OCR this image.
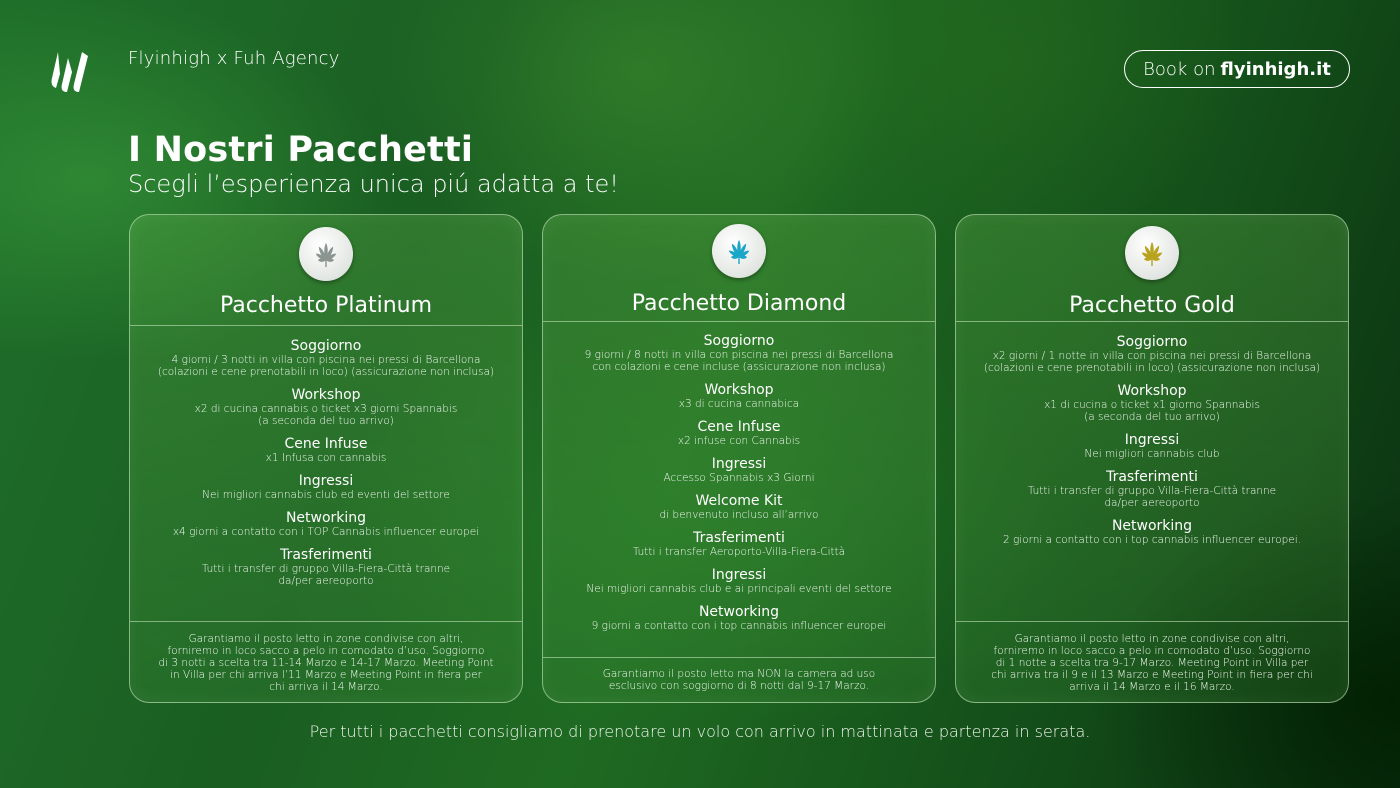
Flyinhigh x Fuh Agency	Book on flyinhigh.it
I Nostri Pacchetti
Scegli l’esperienza unica piú adatta a te!
Pacchetto Platinum
Soggiorno
4 giorni / 3 notti in villa con piscina nei pressi di Barcellona
(colazioni e cene prenotabili in loco) (assicurazione non inclusa)
Workshop
x2 di cucina cannabis o ticket x3 giorni Spannabis
(a seconda del tuo arrivo)
Cene Infuse
x1 Infusa con cannabis
Ingressi
Nei migliori cannabis club ed eventi del settore
Networking
x4 giorni a contatto con i TOP Cannabis influencer europei
Trasferimenti
Tutti i transfer di gruppo Villa-Fiera-Città tranne
da/per aereoporto
Garantiamo il posto letto in zone condivise con altri,
forniremo in loco sacco a pelo in comodato d’uso. Soggiorno
di 3 notti a scelta tra 11-14 Marzo e 14-17 Marzo. Meeting Point
in Villa per chi arriva l’11 Marzo e Meeting Point in fiera per
chi arriva il 14 Marzo.
Pacchetto Diamond
Soggiorno
9 giorni / 8 notti in villa con piscina nei pressi di Barcellona
con colazioni e cene incluse (assicurazione non inclusa)
Workshop
x3 di cucina cannabica
Cene Infuse
x2 infuse con Cannabis
Ingressi
Accesso Spannabis x3 Giorni
Welcome Kit
di benvenuto incluso all’arrivo
Trasferimenti
Tutti i transfer Aeroporto-Villa-Fiera-Città
Ingressi
Nei migliori cannabis club e ai principali eventi del settore
Networking
9 giorni a contatto con i top cannabis influencer europei
Garantiamo il posto letto ma NON la camera ad uso
esclusivo con soggiorno di 8 notti dal 9-17 Marzo.
Pacchetto Gold
Soggiorno
x2 giorni / 1 notte in villa con piscina nei pressi di Barcellona
(colazioni e cene prenotabili in loco) (assicurazione non inclusa)
Workshop
x1 di cucina o ticket x1 giorno Spannabis
(a seconda del tuo arrivo)
Ingressi
Nei migliori cannabis club
Trasferimenti
Tutti i transfer di gruppo Villa-Fiera-Città tranne
da/per aereoporto
Networking
2 giorni a contatto con i top cannabis influencer europei.
Garantiamo il posto letto in zone condivise con altri,
forniremo in loco sacco a pelo in comodato d’uso. Soggiorno
di 1 notte a scelta tra 9-17 Marzo. Meeting Point in Villa per
chi arriva tra il 9 e il 13 Marzo e Meeting Point in fiera per chi
arriva il 14 Marzo e il 16 Marzo.
Per tutti i pacchetti consigliamo di prenotare un volo con arrivo in mattinata e partenza in serata.
